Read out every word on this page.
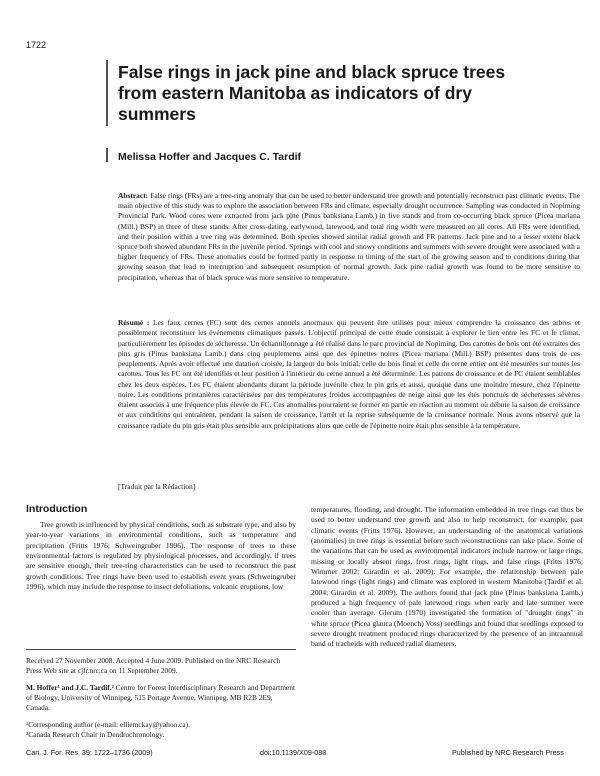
1722
False rings in jack pine and black spruce trees from eastern Manitoba as indicators of dry summers
Melissa Hoffer and Jacques C. Tardif

Abstract: False rings (FRs) are a tree-ring anomaly that can be used to better understand tree growth and potentially reconstruct past climatic events. The main objective of this study was to explore the association between FRs and climate, especially drought occurrence. Sampling was conducted in Nopiming Provincial Park. Wood cores were extracted from jack pine (Pinus banksiana Lamb.) in five stands and from co-occurring black spruce (Picea mariana (Mill.) BSP) in three of these stands. After cross-dating, earlywood, latewood, and total ring width were measured on all cores. All FRs were identified, and their position within a tree ring was determined. Both species showed similar radial growth and FR patterns. Jack pine and to a lesser extent black spruce both showed abundant FRs in the juvenile period. Springs with cool and snowy conditions and summers with severe drought were associated with a higher frequency of FRs. These anomalies could be formed partly in response to timing of the start of the growing season and to conditions during that growing season that lead to interruption and subsequent resumption of normal growth. Jack pine radial growth was found to be more sensitive to precipitation, whereas that of black spruce was more sensitive to temperature.

Résumé : Les faux cernes (FC) sont des cernes annuels anormaux qui peuvent être utilisés pour mieux comprendre la croissance des arbres et possiblement reconstituer les événements climatiques passés. L'objectif principal de cette étude consistait à explorer le lien entre les FC et le climat, particulièrement les épisodes de sécheresse. Un échantillonnage a été réalisé dans le parc provincial de Nopiming. Des carottes de bois ont été extraites des pins gris (Pinus banksiana Lamb.) dans cinq peuplements ainsi que des épinettes noires (Picea mariana (Mill.) BSP) présentes dans trois de ces peuplements. Après avoir effectué une datation croisée, la largeur du bois initial, celle du bois final et celle du cerne entier ont été mesurées sur toutes les carottes. Tous les FC ont été identifiés et leur position à l'intérieur du cerne annuel a été déterminée. Les patrons de croissance et de FC étaient semblables chez les deux espèces. Les FC étaient abondants durant la période juvénile chez le pin gris et aussi, quoique dans une moindre mesure, chez l'épinette noire. Les conditions printanières caractérisées par des températures froides accompagnées de neige ainsi que les étés ponctués de sécheresses sévères étaient associés à une fréquence plus élevée de FC. Ces anomalies pourraient se former en partie en réaction au moment où débute la saison de croissance et aux conditions qui entraînent, pendant la saison de croissance, l'arrêt et la reprise subséquente de la croissance normale. Nous avons observé que la croissance radiale du pin gris était plus sensible aux précipitations alors que celle de l'épinette noire était plus sensible à la température.

[Traduit par la Rédaction]
Introduction

Tree growth is influenced by physical conditions, such as substrate type, and also by year-to-year variations in environmental conditions, such as temperature and precipitation (Fritts 1976; Schweingruber 1996). The response of trees to these environmental factors is regulated by physiological processes, and accordingly, if trees are sensitive enough, their tree-ring characteristics can be used to reconstruct the past growth conditions. Tree rings have been used to establish event years (Schweingruber 1996), which may include the response to insect defoliations, volcanic eruptions, low

temperatures, flooding, and drought. The information embedded in tree rings can thus be used to better understand tree growth and also to help reconstruct, for example, past climatic events (Fritts 1976). However, an understanding of the anatomical variations (anomalies) in tree rings is essential before such reconstructions can take place. Some of the variations that can be used as environmental indicators include narrow or large rings, missing or locally absent rings, frost rings, light rings, and false rings (Fritts 1976; Wimmer 2002; Girardin et al. 2009). For example, the relationship between pale latewood rings (light rings) and climate was explored in western Manitoba (Tardif et al. 2004; Girardin et al. 2009). The authors found that jack pine (Pinus banksiana Lamb.) produced a high frequency of pale latewood rings when early and late summer were cooler than average. Glerum (1970) investigated the formation of "drought rings" in white spruce (Picea glauca (Moench) Voss) seedlings and found that seedlings exposed to severe drought treatment produced rings characterized by the presence of an intraannual band of tracheids with reduced radial diameters.

Received 27 November 2008. Accepted 4 June 2009. Published on the NRC Research Press Web site at cjfr.nrc.ca on 11 September 2009.

M. Hoffer¹ and J.C. Tardif.² Centre for Forest Interdisciplinary Research and Department of Biology, University of Winnipeg, 515 Portage Avenue, Winnipeg, MB R2B 2E9, Canada.

¹Corresponding author (e-mail: elliemckay@yahoo.ca).
²Canada Research Chair in Dendrochronology.
Can. J. For. Res. 39: 1722–1736 (2009)	doi:10.1139/X09-088	Published by NRC Research Press
